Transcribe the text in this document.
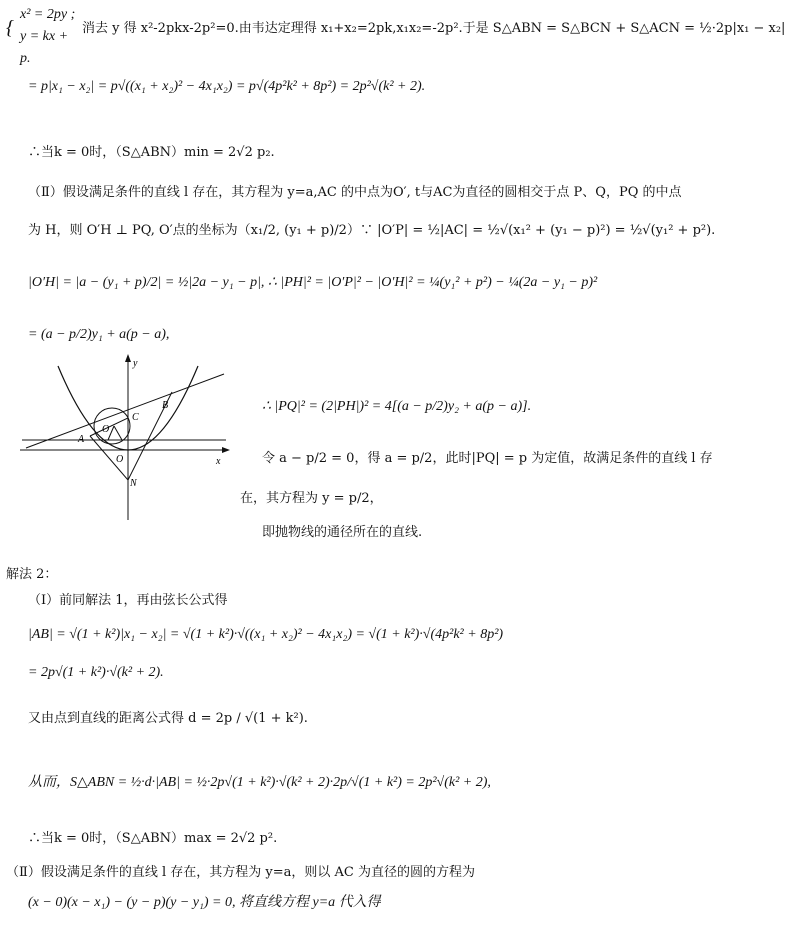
{
x² = 2py ; y = kx + p.
消去 y 得 x²-2pkx-2p²=0.由韦达定理得 x₁+x₂=2pk,x₁x₂=-2p².于是 S△ABN = S△BCN + S△ACN = ½·2p|x₁ − x₂|
= p|x₁ − x₂| = p√((x₁ + x₂)² − 4x₁x₂) = p√(4p²k² + 8p²) = 2p²√(k² + 2).
∴当k = 0时，（S△ABN）min = 2√2 p₂.
（Ⅱ）假设满足条件的直线 l 存在，其方程为 y=a,AC 的中点为O′, t与AC为直径的圆相交于点 P、Q，PQ 的中点
为 H，则 O′H ⊥ PQ, O′点的坐标为（x₁/2, (y₁ + p)/2）∵ |O′P| = ½|AC| = ½√(x₁² + (y₁ − p)²) = ½√(y₁² + p²).
|O′H| = |a − (y₁ + p)/2| = ½|2a − y₁ − p|, ∴ |PH|² = |O′P|² − |O′H|² = ¼(y₁² + p²) − ¼(2a − y₁ − p)²
= (a − p/2)y₁ + a(p − a),
y
x
A
B
C
O
O
N
∴ |PQ|² = (2|PH|)² = 4[(a − p/2)y₂ + a(p − a)].
令 a − p/2 = 0，得 a = p/2，此时|PQ| = p 为定值，故满足条件的直线 l 存
在，其方程为 y = p/2，
即抛物线的通径所在的直线.
解法 2：
（Ⅰ）前同解法 1，再由弦长公式得
|AB| = √(1 + k²)|x₁ − x₂| = √(1 + k²)·√((x₁ + x₂)² − 4x₁x₂) = √(1 + k²)·√(4p²k² + 8p²)
= 2p√(1 + k²)·√(k² + 2).
又由点到直线的距离公式得 d = 2p / √(1 + k²).
从而，S△ABN = ½·d·|AB| = ½·2p√(1 + k²)·√(k² + 2)·2p/√(1 + k²) = 2p²√(k² + 2),
∴当k = 0时，（S△ABN）max = 2√2 p².
（Ⅱ）假设满足条件的直线 l 存在，其方程为 y=a，则以 AC 为直径的圆的方程为
(x − 0)(x − x₁) − (y − p)(y − y₁) = 0, 将直线方程 y=a 代入得
